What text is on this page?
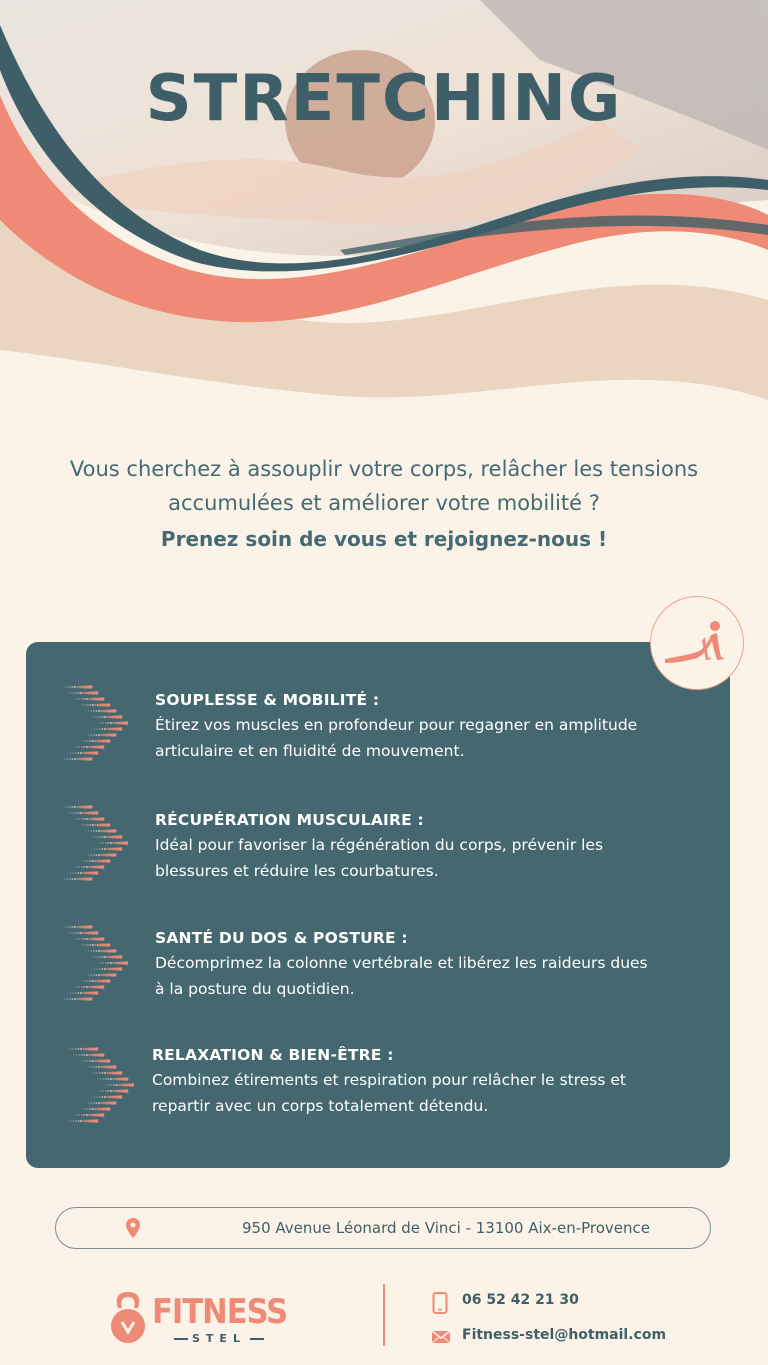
STRETCHING
Vous cherchez à assouplir votre corps, relâcher les tensions
accumulées et améliorer votre mobilité ?
Prenez soin de vous et rejoignez-nous !
SOUPLESSE & MOBILITÉ :
Étirez vos muscles en profondeur pour regagner en amplitude
articulaire et en fluidité de mouvement.
RÉCUPÉRATION MUSCULAIRE :
Idéal pour favoriser la régénération du corps, prévenir les
blessures et réduire les courbatures.
SANTÉ DU DOS & POSTURE :
Décomprimez la colonne vertébrale et libérez les raideurs dues
à la posture du quotidien.
RELAXATION & BIEN-ÊTRE :
Combinez étirements et respiration pour relâcher le stress et
repartir avec un corps totalement détendu.
950 Avenue Léonard de Vinci - 13100 Aix-en-Provence
FITNESS
STEL
06 52 42 21 30
Fitness-stel@hotmail.com
